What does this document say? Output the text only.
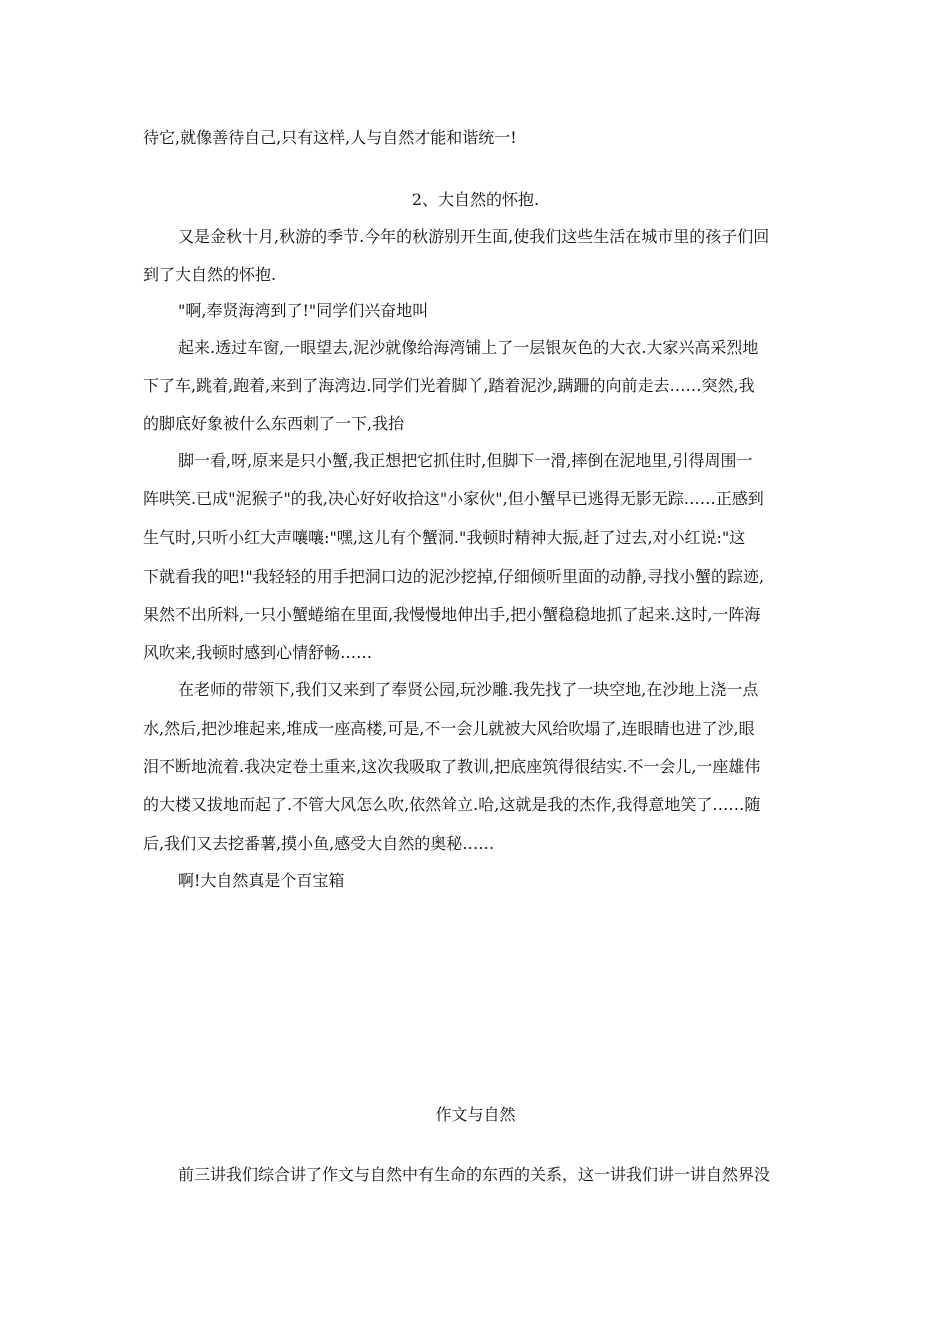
待它,就像善待自己,只有这样,人与自然才能和谐统一!
2、大自然的怀抱.
又是金秋十月,秋游的季节.今年的秋游别开生面,使我们这些生活在城市里的孩子们回
到了大自然的怀抱.
"啊,奉贤海湾到了!"同学们兴奋地叫
起来.透过车窗,一眼望去,泥沙就像给海湾铺上了一层银灰色的大衣.大家兴高采烈地
下了车,跳着,跑着,来到了海湾边.同学们光着脚丫,踏着泥沙,蹒跚的向前走去……突然,我
的脚底好象被什么东西刺了一下,我抬
脚一看,呀,原来是只小蟹,我正想把它抓住时,但脚下一滑,摔倒在泥地里,引得周围一
阵哄笑.已成"泥猴子"的我,决心好好收拾这"小家伙",但小蟹早已逃得无影无踪……正感到
生气时,只听小红大声嚷嚷:"嘿,这儿有个蟹洞."我顿时精神大振,赶了过去,对小红说:"这
下就看我的吧!"我轻轻的用手把洞口边的泥沙挖掉,仔细倾听里面的动静,寻找小蟹的踪迹,
果然不出所料,一只小蟹蜷缩在里面,我慢慢地伸出手,把小蟹稳稳地抓了起来.这时,一阵海
风吹来,我顿时感到心情舒畅……
在老师的带领下,我们又来到了奉贤公园,玩沙雕.我先找了一块空地,在沙地上浇一点
水,然后,把沙堆起来,堆成一座高楼,可是,不一会儿就被大风给吹塌了,连眼睛也进了沙,眼
泪不断地流着.我决定卷土重来,这次我吸取了教训,把底座筑得很结实.不一会儿,一座雄伟
的大楼又拔地而起了.不管大风怎么吹,依然耸立.哈,这就是我的杰作,我得意地笑了……随
后,我们又去挖番薯,摸小鱼,感受大自然的奥秘……
啊!大自然真是个百宝箱
作文与自然
前三讲我们综合讲了作文与自然中有生命的东西的关系，这一讲我们讲一讲自然界没
